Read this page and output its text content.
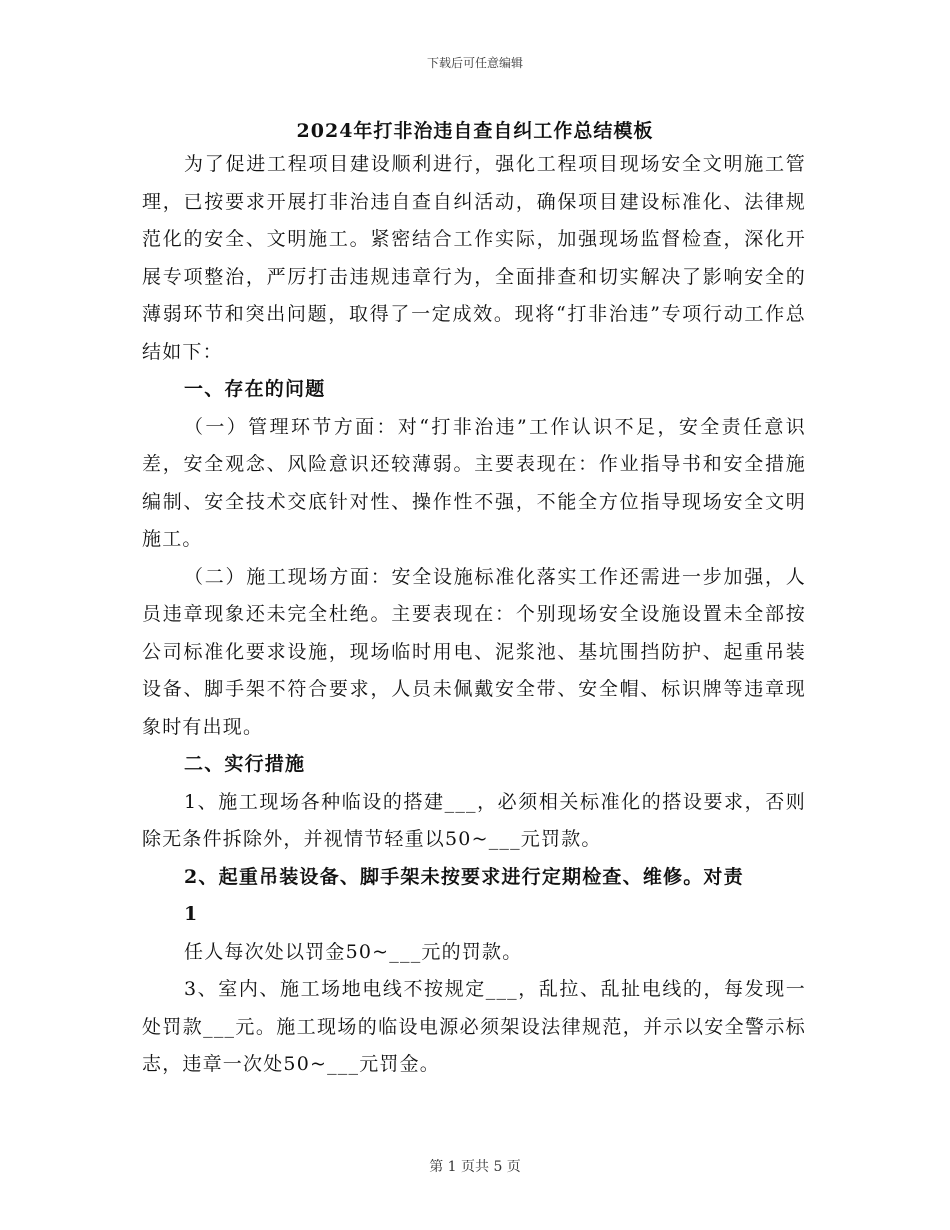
下载后可任意编辑
2024年打非治违自查自纠工作总结模板

为了促进工程项目建设顺利进行，强化工程项目现场安全文明施工管理，已按要求开展打非治违自查自纠活动，确保项目建设标准化、法律规范化的安全、文明施工。紧密结合工作实际，加强现场监督检查，深化开展专项整治，严厉打击违规违章行为，全面排查和切实解决了影响安全的薄弱环节和突出问题，取得了一定成效。现将“打非治违”专项行动工作总结如下：

一、存在的问题

（一）管理环节方面：对“打非治违”工作认识不足，安全责任意识差，安全观念、风险意识还较薄弱。主要表现在：作业指导书和安全措施编制、安全技术交底针对性、操作性不强，不能全方位指导现场安全文明施工。

（二）施工现场方面：安全设施标准化落实工作还需进一步加强，人员违章现象还未完全杜绝。主要表现在：个别现场安全设施设置未全部按公司标准化要求设施，现场临时用电、泥浆池、基坑围挡防护、起重吊装设备、脚手架不符合要求，人员未佩戴安全带、安全帽、标识牌等违章现象时有出现。

二、实行措施

1、施工现场各种临设的搭建___，必须相关标准化的搭设要求，否则除无条件拆除外，并视情节轻重以50~___元罚款。

2、起重吊装设备、脚手架未按要求进行定期检查、维修。对责

1

任人每次处以罚金50~___元的罚款。

3、室内、施工场地电线不按规定___，乱拉、乱扯电线的，每发现一处罚款___元。施工现场的临设电源必须架设法律规范，并示以安全警示标志，违章一次处50~___元罚金。

第 1 页共 5 页
